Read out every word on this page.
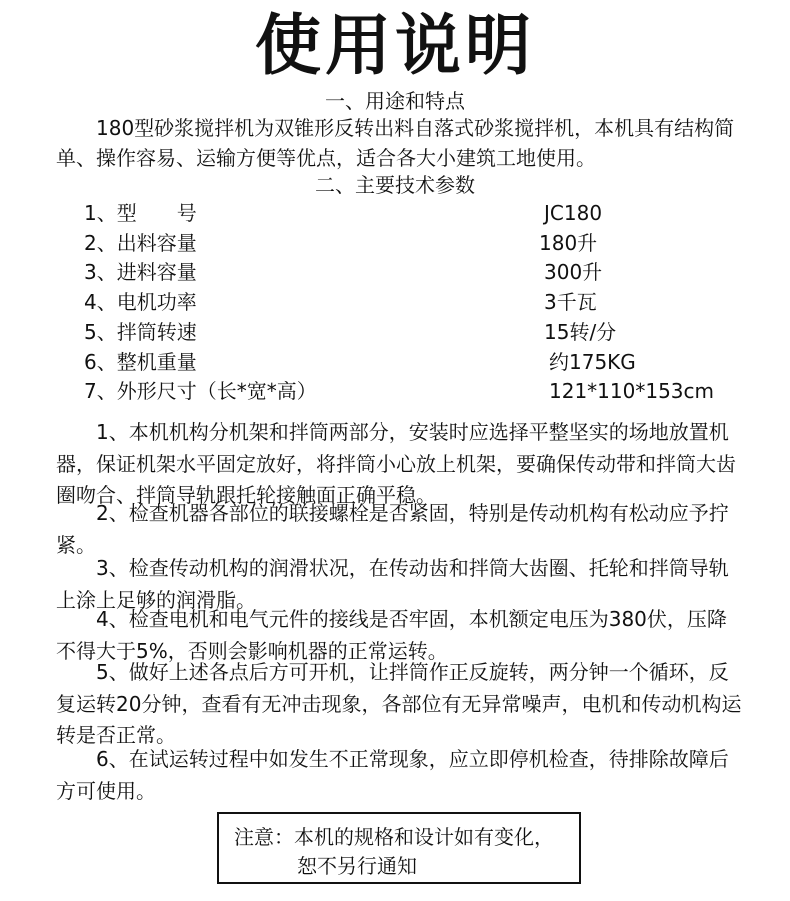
使用说明
一、用途和特点
180型砂浆搅拌机为双锥形反转出料自落式砂浆搅拌机，本机具有结构简单、操作容易、运输方便等优点，适合各大小建筑工地使用。
二、主要技术参数
1、型　　号	JC180
2、出料容量	180升
3、进料容量	300升
4、电机功率	3千瓦
5、拌筒转速	15转/分
6、整机重量	约175KG
7、外形尺寸（长*宽*高）	121*110*153cm
1、本机机构分机架和拌筒两部分，安装时应选择平整坚实的场地放置机器，保证机架水平固定放好，将拌筒小心放上机架，要确保传动带和拌筒大齿圈吻合、拌筒导轨跟托轮接触面正确平稳。
2、检查机器各部位的联接螺栓是否紧固，特别是传动机构有松动应予拧紧。
3、检查传动机构的润滑状况，在传动齿和拌筒大齿圈、托轮和拌筒导轨上涂上足够的润滑脂。
4、检查电机和电气元件的接线是否牢固，本机额定电压为380伏，压降不得大于5%，否则会影响机器的正常运转。
5、做好上述各点后方可开机，让拌筒作正反旋转，两分钟一个循环，反复运转20分钟，查看有无冲击现象，各部位有无异常噪声，电机和传动机构运转是否正常。
6、在试运转过程中如发生不正常现象，应立即停机检查，待排除故障后方可使用。
注意：本机的规格和设计如有变化，
恕不另行通知
